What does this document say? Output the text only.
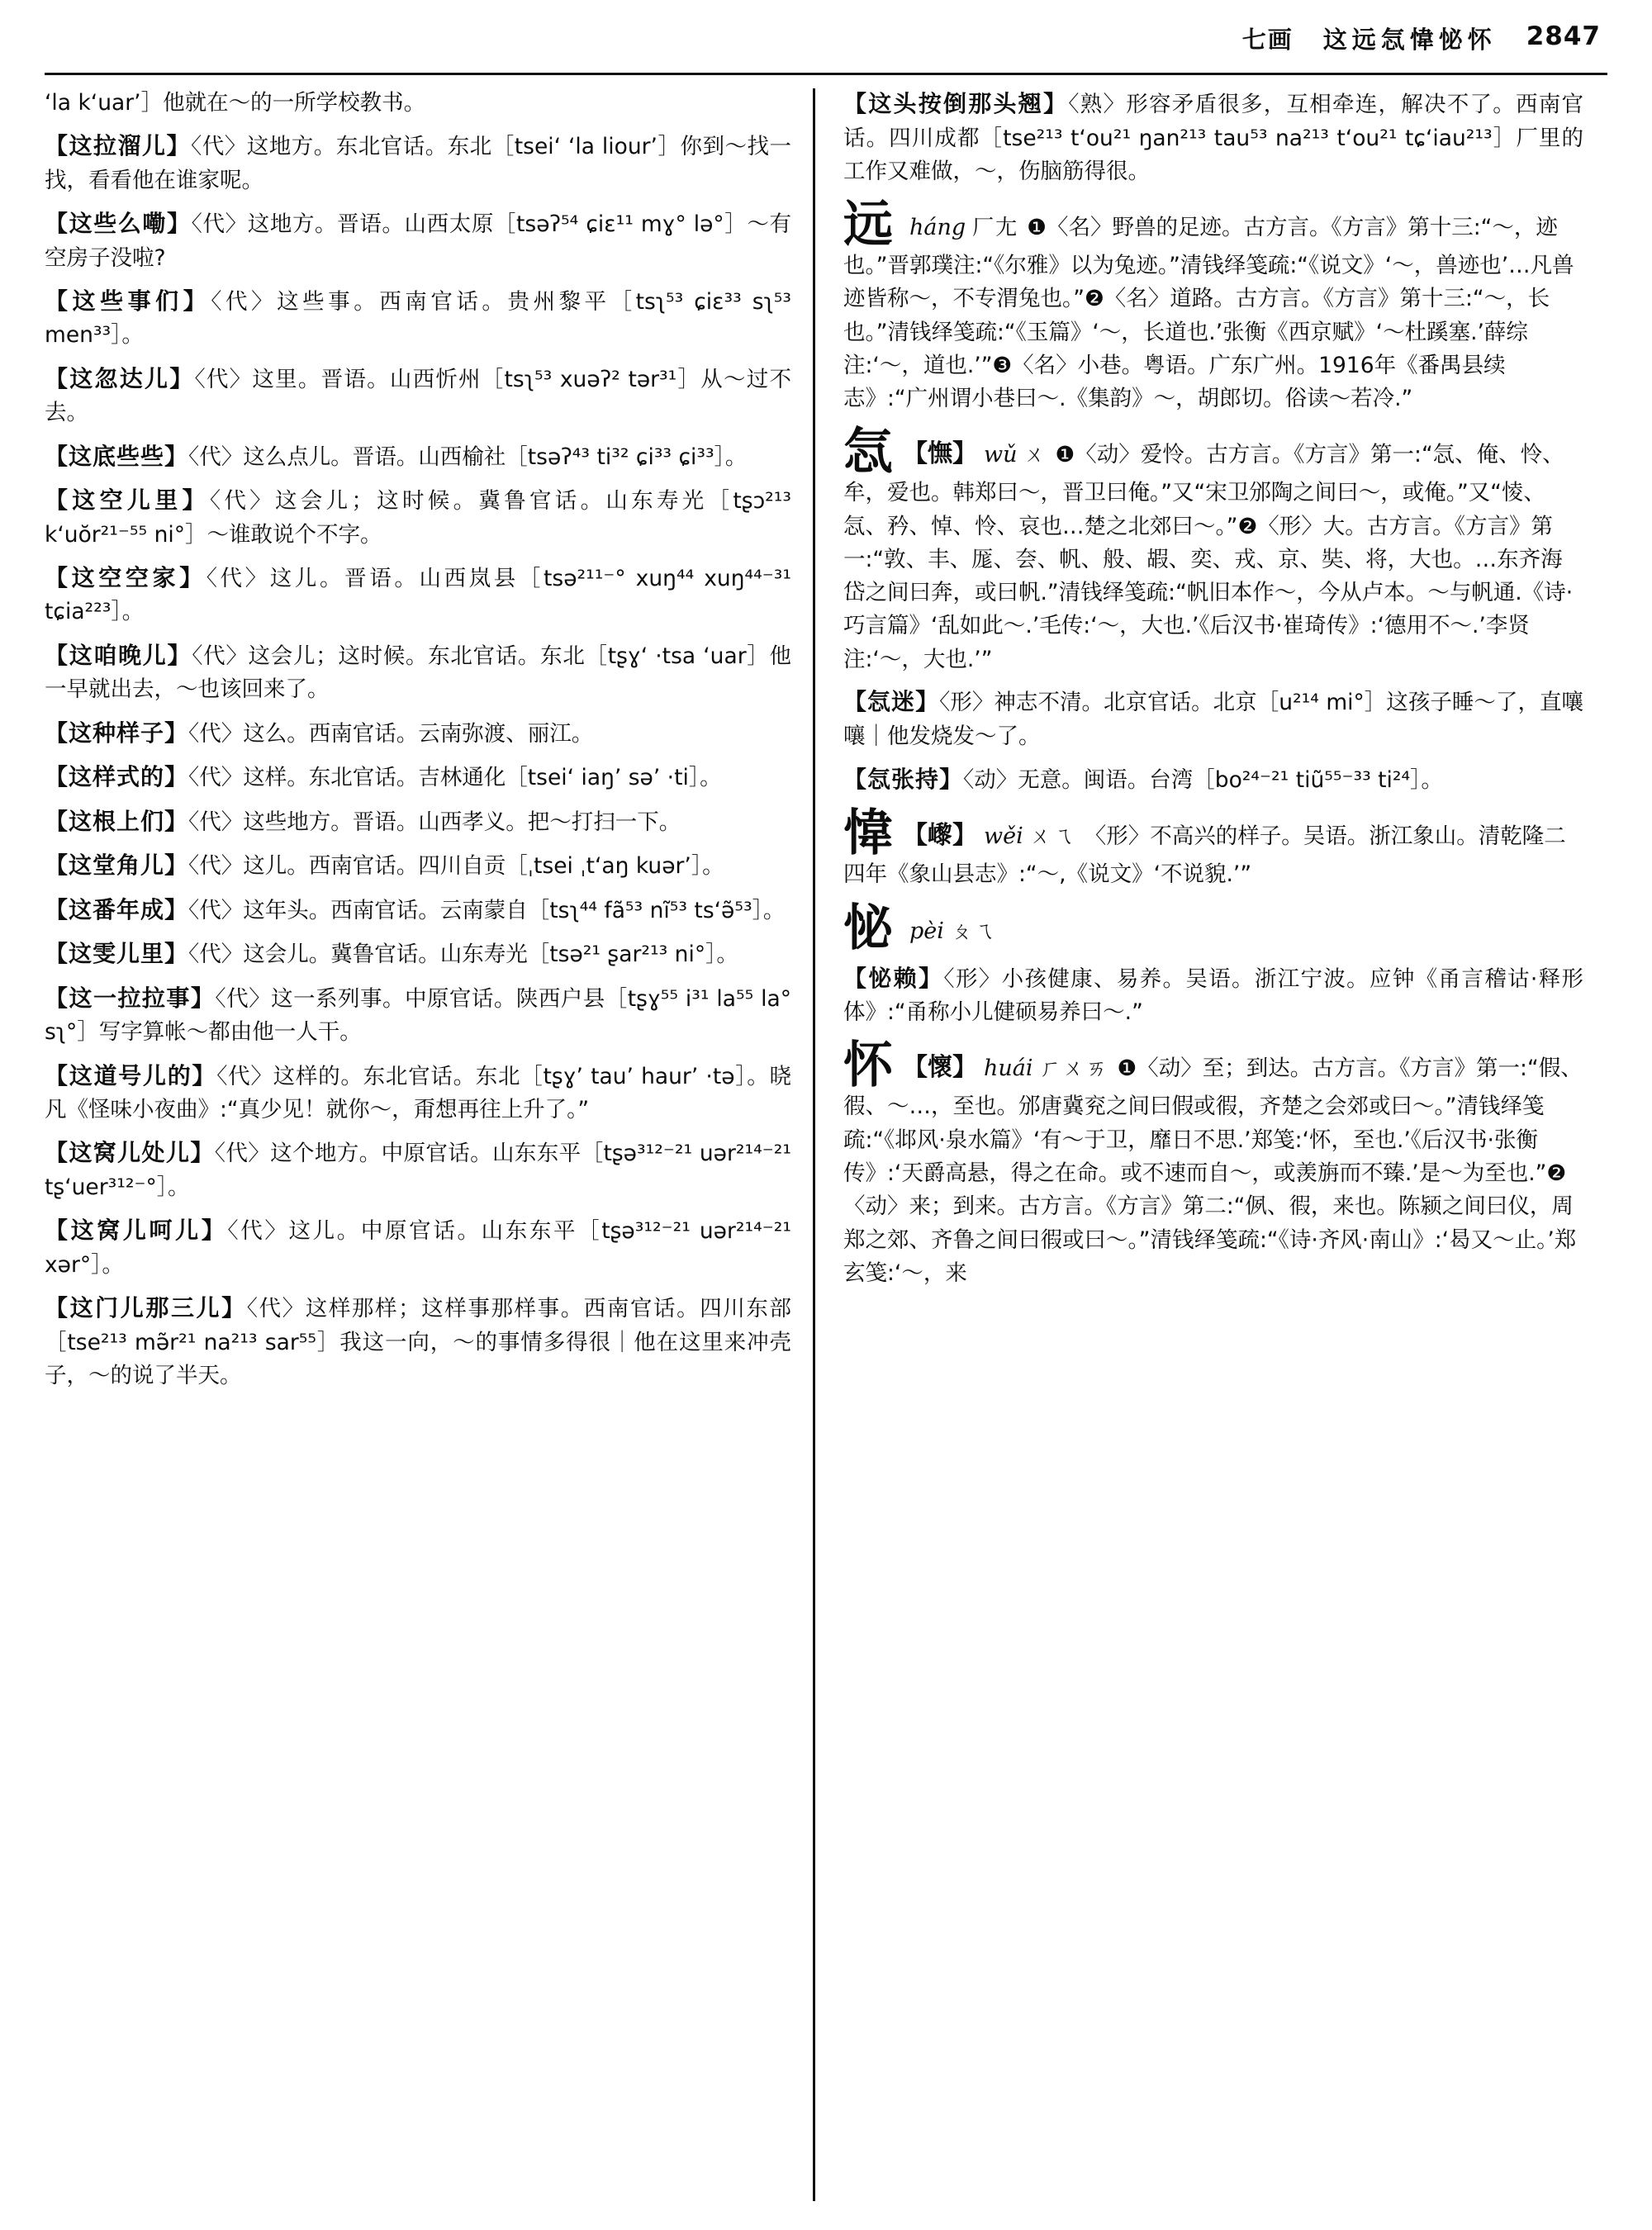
七画 这远忥愇怭怀 2847
‘la k‘uar’］他就在～的一所学校教书。
【这拉溜儿】〈代〉这地方。东北官话。东北［tsei‘ ‘la liour’］你到～找一找，看看他在谁家呢。
【这些么嘞】〈代〉这地方。晋语。山西太原［tsəʔ⁵⁴ ɕiɛ¹¹ mɣ° lə°］～有空房子没啦?
【这些事们】〈代〉这些事。西南官话。贵州黎平［tsʅ⁵³ ɕiɛ³³ sʅ⁵³ men³³］。
【这忽达儿】〈代〉这里。晋语。山西忻州［tsʅ⁵³ xuəʔ² tər³¹］从～过不去。
【这底些些】〈代〉这么点儿。晋语。山西榆社［tsəʔ⁴³ ti³² ɕi³³ ɕi³³］。
【这空儿里】〈代〉这会儿；这时候。冀鲁官话。山东寿光［tʂɔ²¹³ k‘uŏr²¹⁻⁵⁵ ni°］～谁敢说个不字。
【这空空家】〈代〉这儿。晋语。山西岚县［tsə²¹¹⁻° xuŋ⁴⁴ xuŋ⁴⁴⁻³¹ tɕia²²³］。
【这咱晚儿】〈代〉这会儿；这时候。东北官话。东北［tʂɣ‘ ·tsa ‘uar］他一早就出去，～也该回来了。
【这种样子】〈代〉这么。西南官话。云南弥渡、丽江。
【这样式的】〈代〉这样。东北官话。吉林通化［tsei‘ iaŋ’ sə’ ·ti］。
【这根上们】〈代〉这些地方。晋语。山西孝义。把～打扫一下。
【这堂角儿】〈代〉这儿。西南官话。四川自贡［ˌtsei ˌt‘aŋ kuər’］。
【这番年成】〈代〉这年头。西南官话。云南蒙自［tsʅ⁴⁴ fã⁵³ nĩ⁵³ ts‘ə̃⁵³］。
【这雯儿里】〈代〉这会儿。冀鲁官话。山东寿光［tsə²¹ ʂar²¹³ ni°］。
【这一拉拉事】〈代〉这一系列事。中原官话。陕西户县［tʂɣ⁵⁵ i³¹ la⁵⁵ la° sʅ°］写字算帐～都由他一人干。
【这道号儿的】〈代〉这样的。东北官话。东北［tʂɣ’ tau’ haur’ ·tə］。晓凡《怪味小夜曲》:“真少见！就你～，甭想再往上升了。”
【这窝儿处儿】〈代〉这个地方。中原官话。山东东平［tʂə³¹²⁻²¹ uər²¹⁴⁻²¹ tʂ‘uer³¹²⁻°］。
【这窝儿呵儿】〈代〉这儿。中原官话。山东东平［tʂə³¹²⁻²¹ uər²¹⁴⁻²¹ xər°］。
【这门儿那三儿】〈代〉这样那样；这样事那样事。西南官话。四川东部［tse²¹³ mə̃r²¹ na²¹³ sar⁵⁵］我这一向，～的事情多得很｜他在这里来冲壳子，～的说了半天。
【这头按倒那头翘】〈熟〉形容矛盾很多，互相牵连，解决不了。西南官话。四川成都［tse²¹³ t‘ou²¹ ŋan²¹³ tau⁵³ na²¹³ t‘ou²¹ tɕ‘iau²¹³］厂里的工作又难做，～，伤脑筋得很。
远háng 厂尢 ❶〈名〉野兽的足迹。古方言。《方言》第十三:“～，迹也。”晋郭璞注:“《尔雅》以为兔迹。”清钱绎笺疏:“《说文》‘～，兽迹也’…凡兽迹皆称～，不专渭兔也。”❷〈名〉道路。古方言。《方言》第十三:“～，长也。”清钱绎笺疏:“《玉篇》‘～，长道也.’张衡《西京赋》‘～杜蹊塞.’薛综注:‘～，道也.’”❸〈名〉小巷。粤语。广东广州。1916年《番禺县续志》:“广州谓小巷曰～.《集韵》～，胡郎切。俗读～若冷.”
忥 【憮】 wǔ ㄨ ❶〈动〉爱怜。古方言。《方言》第一:“忥、俺、怜、牟，爱也。韩郑曰～，晋卫曰俺。”又“宋卫邠陶之间曰～，或俺。”又“㥄、忥、矜、悼、怜、哀也…楚之北郊曰～。”❷〈形〉大。古方言。《方言》第一:“敦、丰、厖、夽、帆、般、嘏、奕、戎、京、奘、将，大也。…东齐海岱之间曰奔，或曰帆.”清钱绎笺疏:“帆旧本作～，今从卢本。～与帆通.《诗·巧言篇》‘乱如此～.’毛传:‘～，大也.’《后汉书·崔琦传》:‘德用不～.’李贤注:‘～，大也.’”
【忥迷】〈形〉神志不清。北京官话。北京［u²¹⁴ mi°］这孩子睡～了，直嚷嚷｜他发烧发～了。
【忥张持】〈动〉无意。闽语。台湾［bo²⁴⁻²¹ tiũ⁵⁵⁻³³ ti²⁴］。
愇 【㠟】 wěi ㄨㄟ 〈形〉不高兴的样子。吴语。浙江象山。清乾隆二四年《象山县志》:“～,《说文》‘不说貌.’”
怭pèi ㄆㄟ
【怭赖】〈形〉小孩健康、易养。吴语。浙江宁波。应钟《甬言稽诂·释形体》:“甬称小儿健硕易养曰～.”
怀 【懷】 huái ㄏㄨㄞ ❶〈动〉至；到达。古方言。《方言》第一:“假、徦、～…，至也。邠唐冀兖之间曰假或徦，齐楚之会郊或曰～。”清钱绎笺疏:“《邶风·泉水篇》‘有～于卫，靡日不思.’郑笺:‘怀，至也.’《后汉书·张衡传》:‘天爵高悬，得之在命。或不速而自～，或羡旃而不臻.’是～为至也.”❷〈动〉来；到来。古方言。《方言》第二:“㑉、徦，来也。陈颍之间曰仪，周郑之郊、齐鲁之间曰徦或曰～。”清钱绎笺疏:“《诗·齐风·南山》:‘曷又～止。’郑玄笺:‘～，来
